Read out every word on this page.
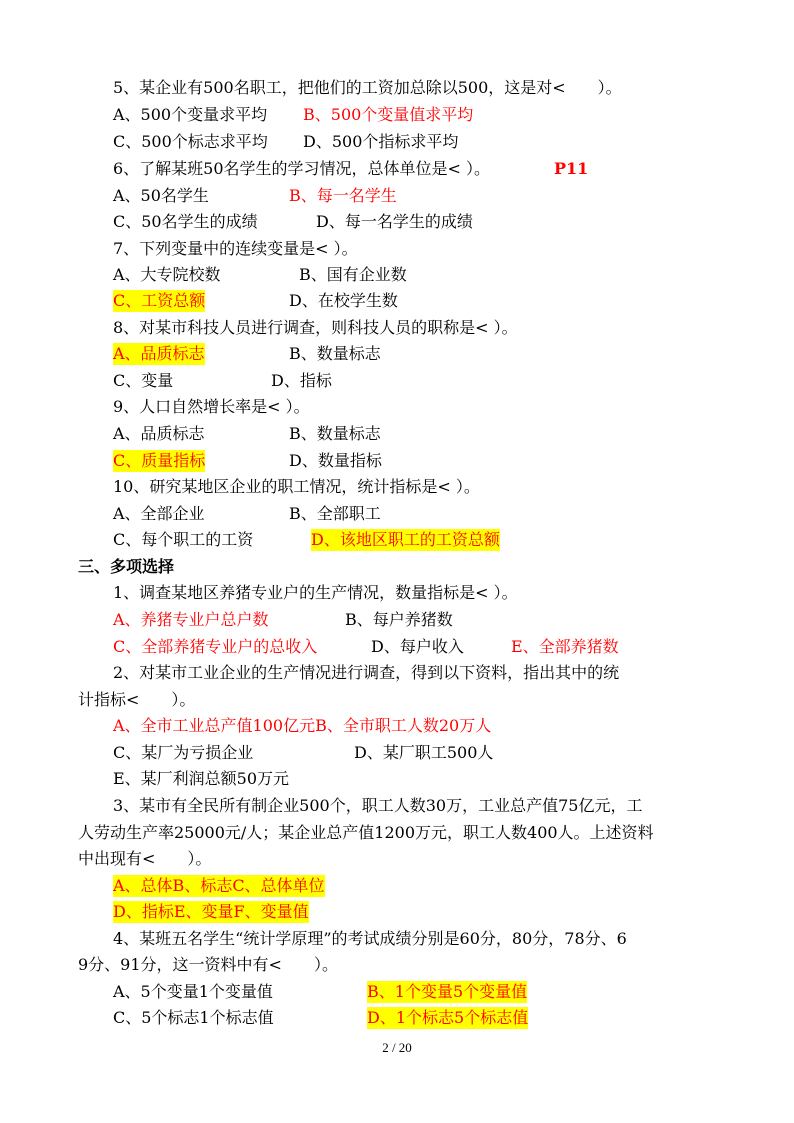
5、某企业有500名职工，把他们的工资加总除以500，这是对<　　）。
A、500个变量求平均 B、500个变量值求平均
C、500个标志求平均 D、500个指标求平均
6、了解某班50名学生的学习情况，总体单位是< ）。	P11
A、50名学生	B、每一名学生
C、50名学生的成绩	D、每一名学生的成绩
7、下列变量中的连续变量是< ）。
A、大专院校数	B、国有企业数
C、工资总额	D、在校学生数
8、对某市科技人员进行调查，则科技人员的职称是< ）。
A、品质标志	B、数量标志
C、变量	D、指标
9、人口自然增长率是< ）。
A、品质标志	B、数量标志
C、质量指标	D、数量指标
10、研究某地区企业的职工情况，统计指标是< ）。
A、全部企业	B、全部职工
C、每个职工的工资	D、该地区职工的工资总额
三、多项选择
1、调查某地区养猪专业户的生产情况，数量指标是< ）。
A、养猪专业户总户数	B、每户养猪数
C、全部养猪专业户的总收入	D、每户收入	E、全部养猪数
2、对某市工业企业的生产情况进行调查，得到以下资料，指出其中的统
计指标<　　）。
A、全市工业总产值100亿元B、全市职工人数20万人
C、某厂为亏损企业	D、某厂职工500人
E、某厂利润总额50万元
3、某市有全民所有制企业500个，职工人数30万，工业总产值75亿元，工
人劳动生产率25000元/人；某企业总产值1200万元，职工人数400人。上述资料
中出现有<　　）。
A、总体B、标志C、总体单位
D、指标E、变量F、变量值
4、某班五名学生“统计学原理”的考试成绩分别是60分，80分，78分、6
9分、91分，这一资料中有<　　）。
A、5个变量1个变量值	B、1个变量5个变量值
C、5个标志1个标志值	D、1个标志5个标志值
2 / 20
